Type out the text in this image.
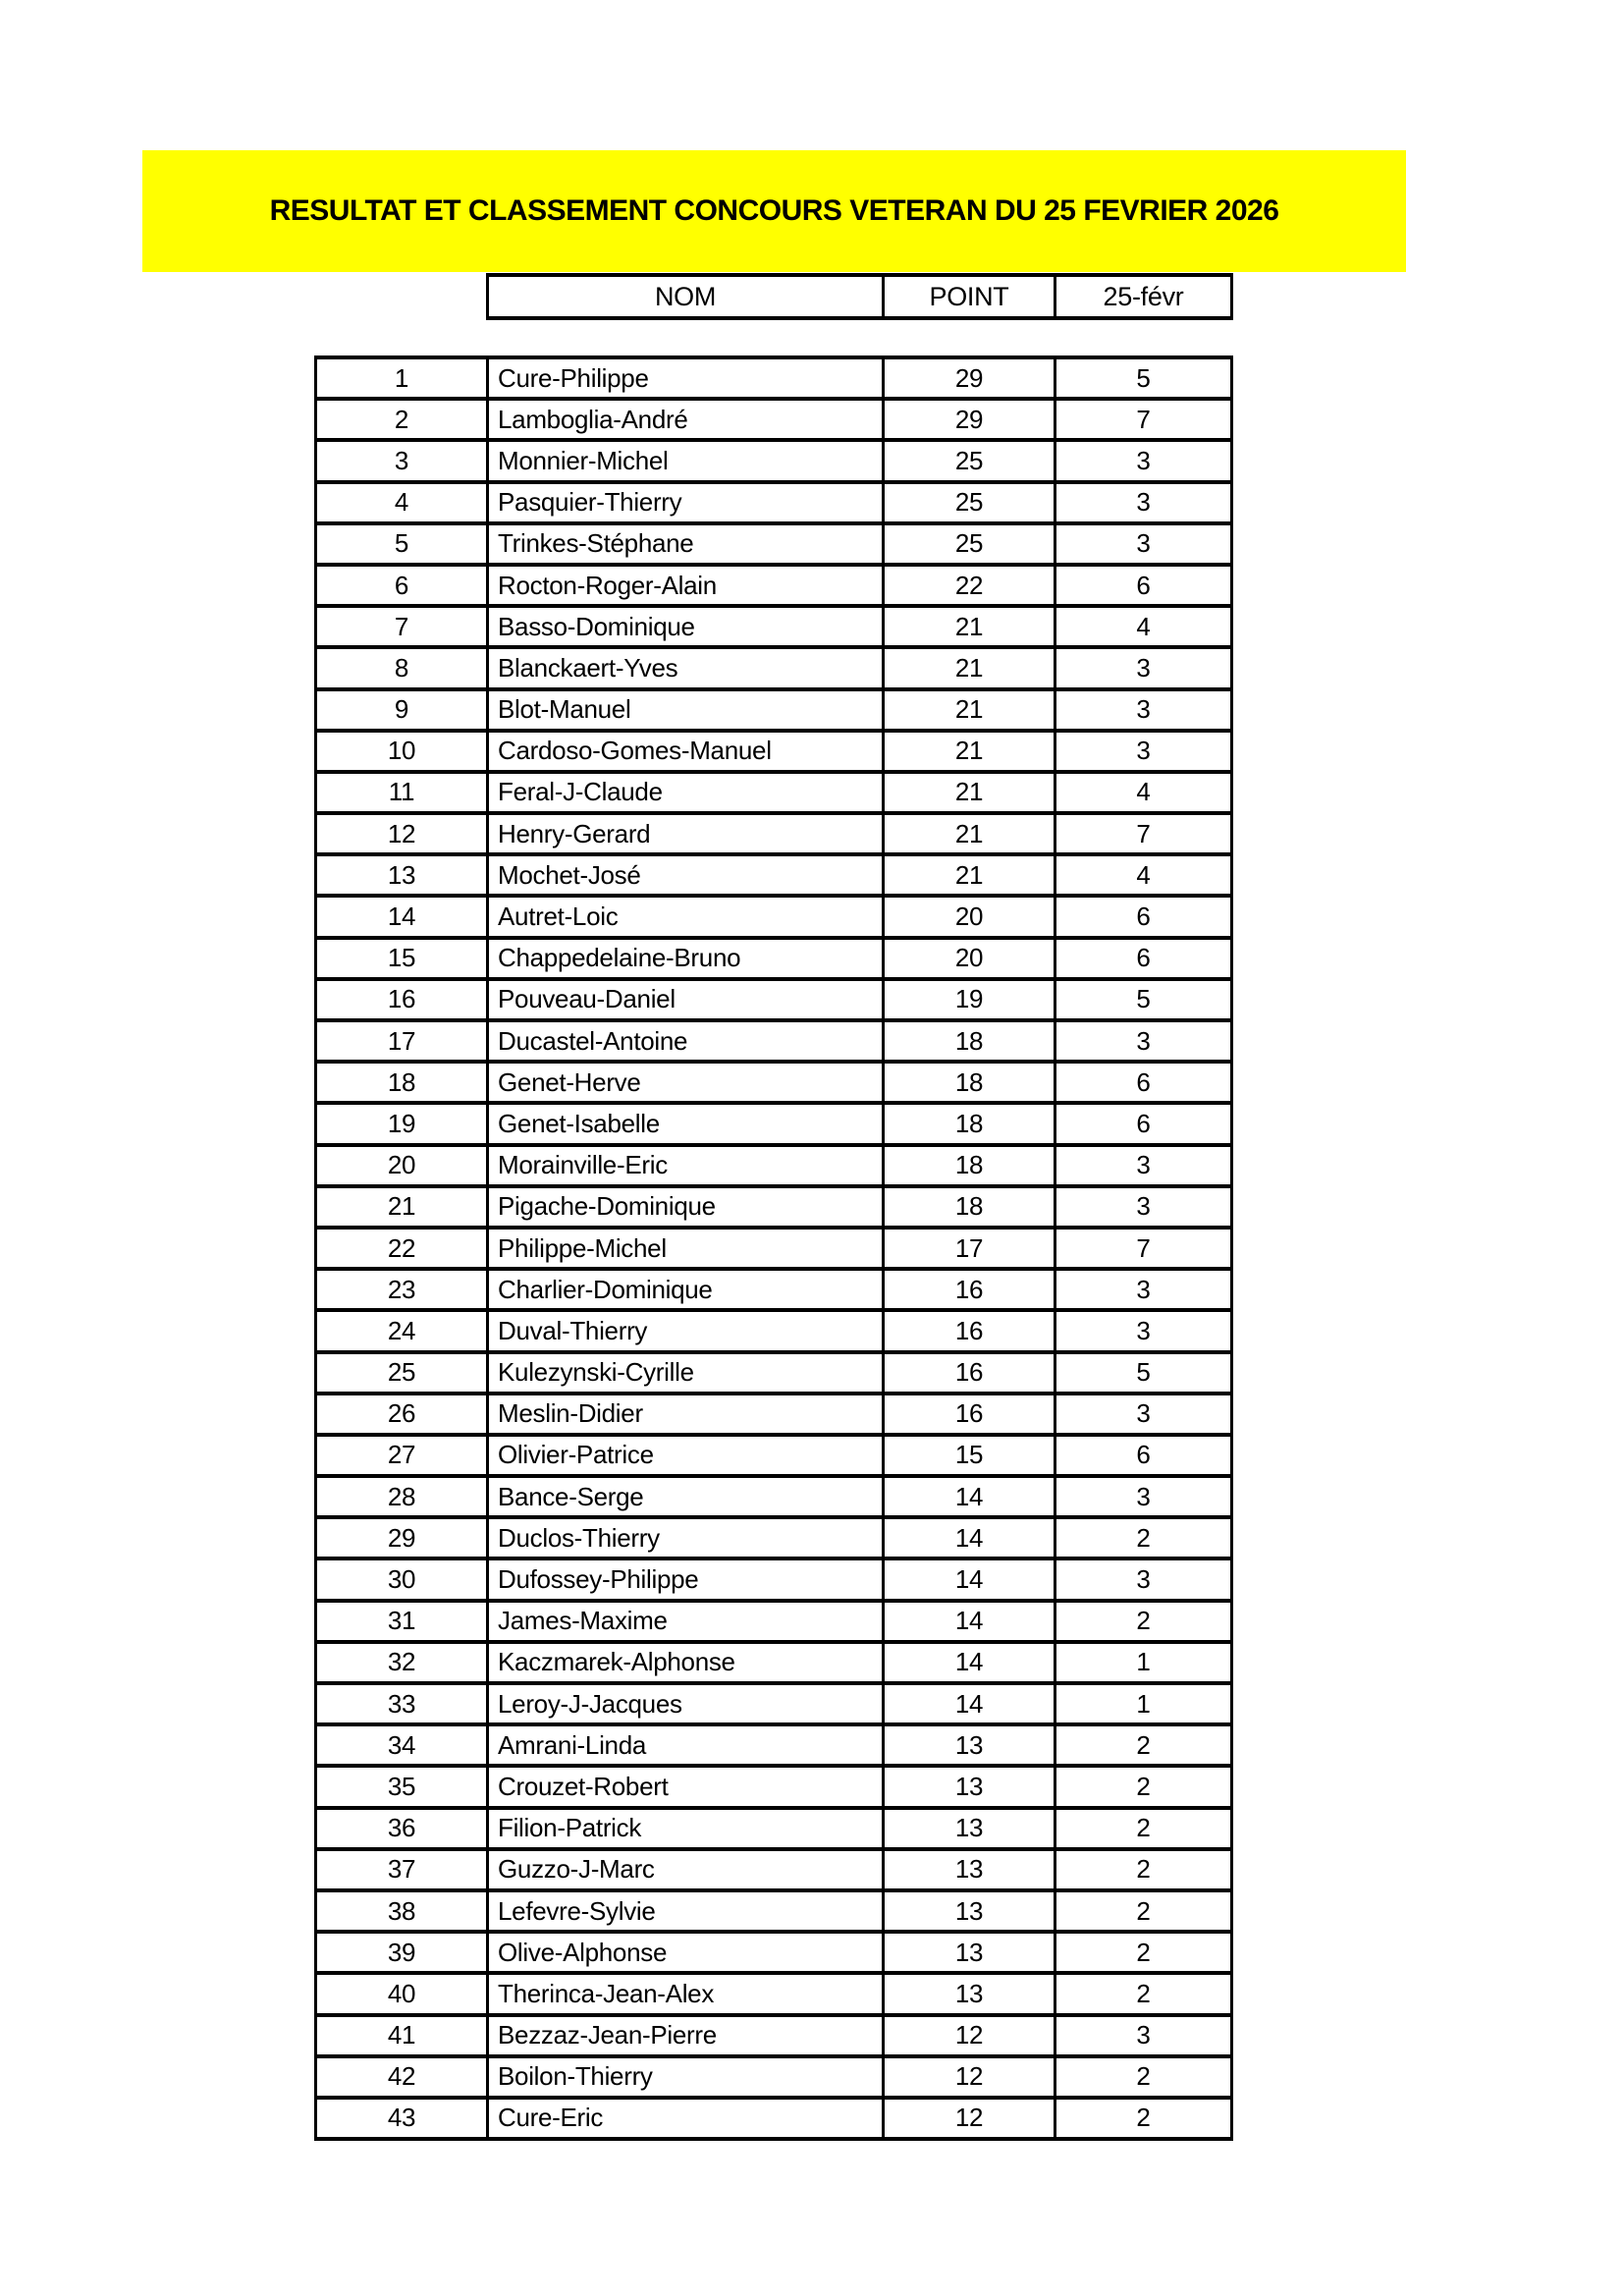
RESULTAT ET CLASSEMENT CONCOURS VETERAN DU 25 FEVRIER 2026
NOM	POINT	25-févr
1	Cure-Philippe	29	5
2	Lamboglia-André	29	7
3	Monnier-Michel	25	3
4	Pasquier-Thierry	25	3
5	Trinkes-Stéphane	25	3
6	Rocton-Roger-Alain	22	6
7	Basso-Dominique	21	4
8	Blanckaert-Yves	21	3
9	Blot-Manuel	21	3
10	Cardoso-Gomes-Manuel	21	3
11	Feral-J-Claude	21	4
12	Henry-Gerard	21	7
13	Mochet-José	21	4
14	Autret-Loic	20	6
15	Chappedelaine-Bruno	20	6
16	Pouveau-Daniel	19	5
17	Ducastel-Antoine	18	3
18	Genet-Herve	18	6
19	Genet-Isabelle	18	6
20	Morainville-Eric	18	3
21	Pigache-Dominique	18	3
22	Philippe-Michel	17	7
23	Charlier-Dominique	16	3
24	Duval-Thierry	16	3
25	Kulezynski-Cyrille	16	5
26	Meslin-Didier	16	3
27	Olivier-Patrice	15	6
28	Bance-Serge	14	3
29	Duclos-Thierry	14	2
30	Dufossey-Philippe	14	3
31	James-Maxime	14	2
32	Kaczmarek-Alphonse	14	1
33	Leroy-J-Jacques	14	1
34	Amrani-Linda	13	2
35	Crouzet-Robert	13	2
36	Filion-Patrick	13	2
37	Guzzo-J-Marc	13	2
38	Lefevre-Sylvie	13	2
39	Olive-Alphonse	13	2
40	Therinca-Jean-Alex	13	2
41	Bezzaz-Jean-Pierre	12	3
42	Boilon-Thierry	12	2
43	Cure-Eric	12	2
